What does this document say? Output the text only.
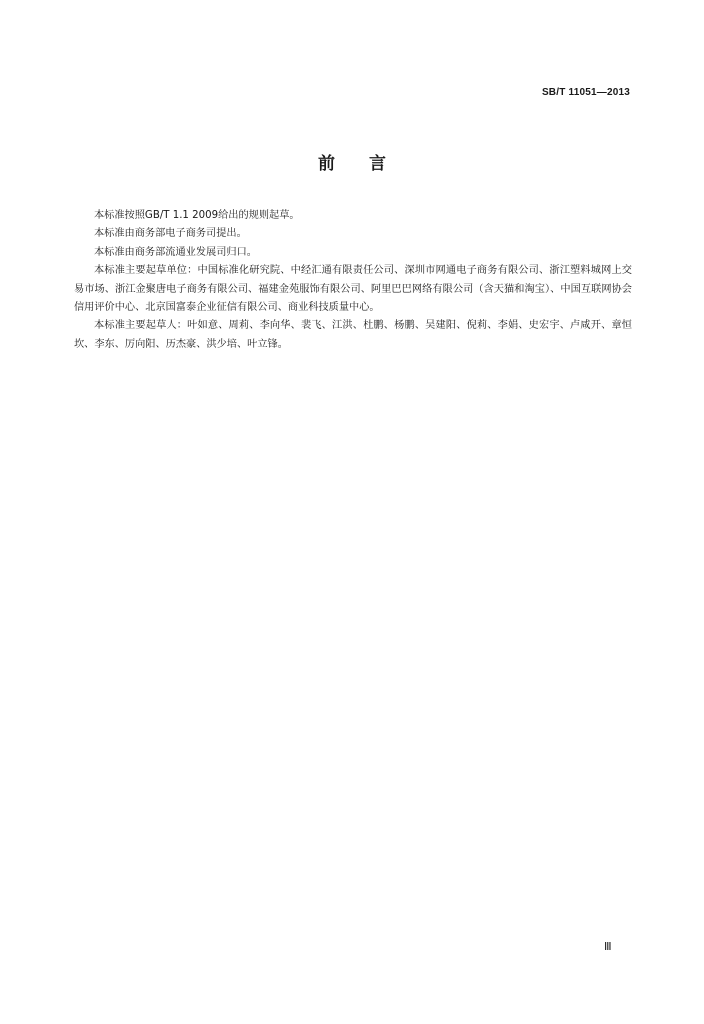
SB/T 11051—2013
前言

本标准按照GB/T 1.1 2009给出的规则起草。

本标准由商务部电子商务司提出。

本标准由商务部流通业发展司归口。

本标准主要起草单位：中国标准化研究院、中经汇通有限责任公司、深圳市网通电子商务有限公司、浙江塑料城网上交易市场、浙江金聚唐电子商务有限公司、福建金苑服饰有限公司、阿里巴巴网络有限公司（含天猫和淘宝）、中国互联网协会信用评价中心、北京国富泰企业征信有限公司、商业科技质量中心。

本标准主要起草人：叶如意、周莉、李向华、裴飞、江洪、杜鹏、杨鹏、吴建阳、倪莉、李娟、史宏宇、卢咸开、章恒坎、李东、厉向阳、历杰豪、洪少培、叶立锋。

Ⅲ
